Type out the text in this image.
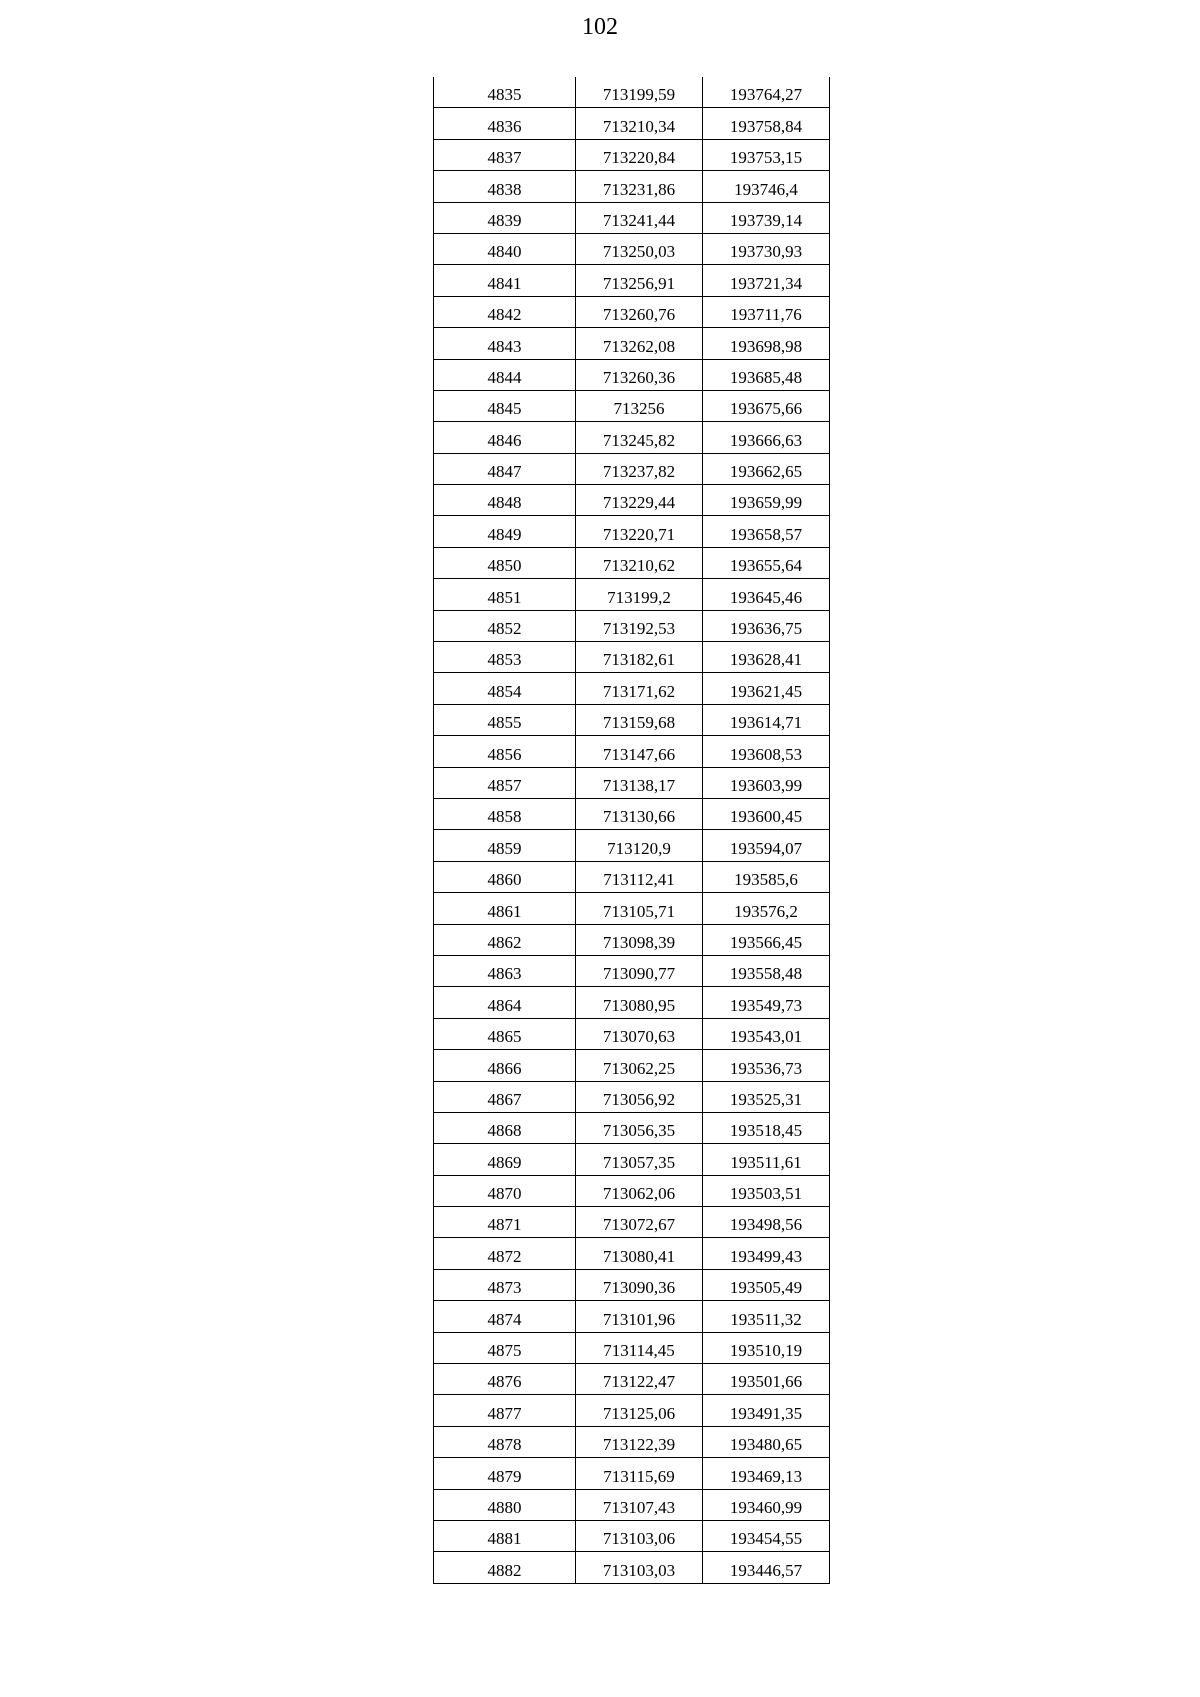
102
4835	713199,59	193764,27
4836	713210,34	193758,84
4837	713220,84	193753,15
4838	713231,86	193746,4
4839	713241,44	193739,14
4840	713250,03	193730,93
4841	713256,91	193721,34
4842	713260,76	193711,76
4843	713262,08	193698,98
4844	713260,36	193685,48
4845	713256	193675,66
4846	713245,82	193666,63
4847	713237,82	193662,65
4848	713229,44	193659,99
4849	713220,71	193658,57
4850	713210,62	193655,64
4851	713199,2	193645,46
4852	713192,53	193636,75
4853	713182,61	193628,41
4854	713171,62	193621,45
4855	713159,68	193614,71
4856	713147,66	193608,53
4857	713138,17	193603,99
4858	713130,66	193600,45
4859	713120,9	193594,07
4860	713112,41	193585,6
4861	713105,71	193576,2
4862	713098,39	193566,45
4863	713090,77	193558,48
4864	713080,95	193549,73
4865	713070,63	193543,01
4866	713062,25	193536,73
4867	713056,92	193525,31
4868	713056,35	193518,45
4869	713057,35	193511,61
4870	713062,06	193503,51
4871	713072,67	193498,56
4872	713080,41	193499,43
4873	713090,36	193505,49
4874	713101,96	193511,32
4875	713114,45	193510,19
4876	713122,47	193501,66
4877	713125,06	193491,35
4878	713122,39	193480,65
4879	713115,69	193469,13
4880	713107,43	193460,99
4881	713103,06	193454,55
4882	713103,03	193446,57
